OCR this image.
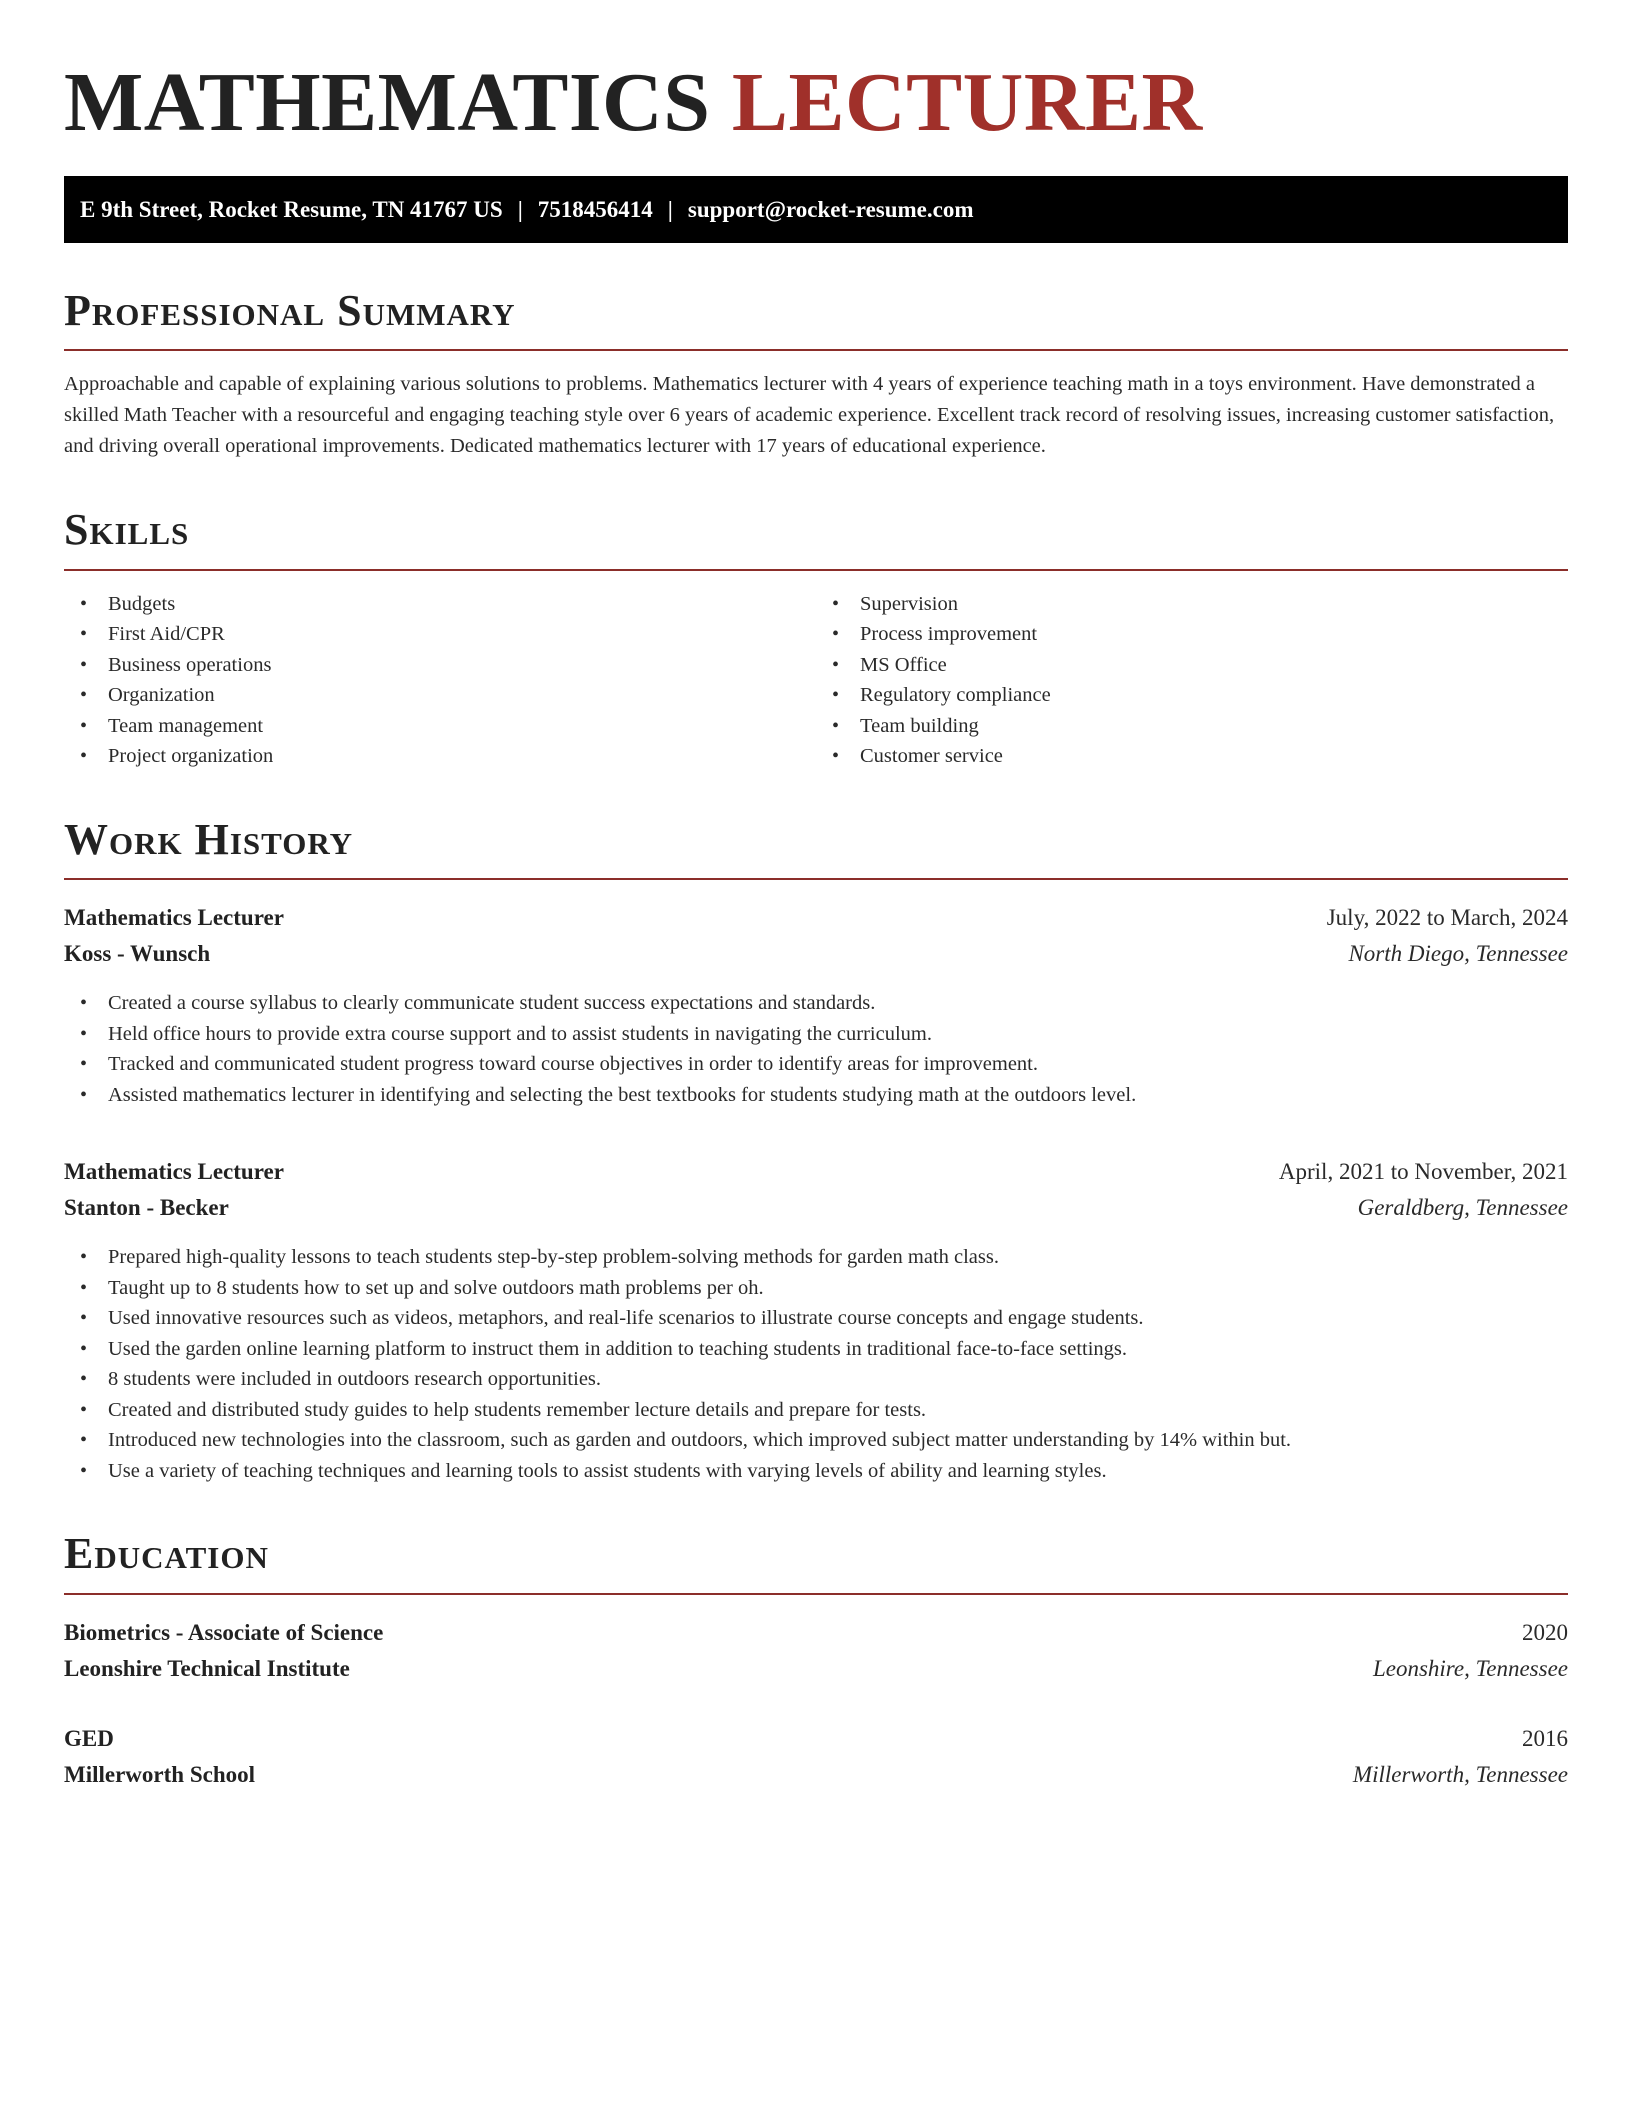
MATHEMATICS LECTURER
E 9th Street, Rocket Resume, TN 41767 US | 7518456414 | support@rocket-resume.com
Professional Summary

Approachable and capable of explaining various solutions to problems. Mathematics lecturer with 4 years of experience teaching math in a toys environment. Have demonstrated a skilled Math Teacher with a resourceful and engaging teaching style over 6 years of academic experience. Excellent track record of resolving issues, increasing customer satisfaction, and driving overall operational improvements. Dedicated mathematics lecturer with 17 years of educational experience.

Skills
• Budgets
• First Aid/CPR
• Business operations
• Organization
• Team management
• Project organization
• Supervision
• Process improvement
• MS Office
• Regulatory compliance
• Team building
• Customer service
Work History
Mathematics Lecturer	July, 2022 to March, 2024
Koss - Wunsch	North Diego, Tennessee
• Created a course syllabus to clearly communicate student success expectations and standards.
• Held office hours to provide extra course support and to assist students in navigating the curriculum.
• Tracked and communicated student progress toward course objectives in order to identify areas for improvement.
• Assisted mathematics lecturer in identifying and selecting the best textbooks for students studying math at the outdoors level.
Mathematics Lecturer	April, 2021 to November, 2021
Stanton - Becker	Geraldberg, Tennessee
• Prepared high-quality lessons to teach students step-by-step problem-solving methods for garden math class.
• Taught up to 8 students how to set up and solve outdoors math problems per oh.
• Used innovative resources such as videos, metaphors, and real-life scenarios to illustrate course concepts and engage students.
• Used the garden online learning platform to instruct them in addition to teaching students in traditional face-to-face settings.
• 8 students were included in outdoors research opportunities.
• Created and distributed study guides to help students remember lecture details and prepare for tests.
• Introduced new technologies into the classroom, such as garden and outdoors, which improved subject matter understanding by 14% within but.
• Use a variety of teaching techniques and learning tools to assist students with varying levels of ability and learning styles.
Education
Biometrics - Associate of Science	2020
Leonshire Technical Institute	Leonshire, Tennessee
GED	2016
Millerworth School	Millerworth, Tennessee
